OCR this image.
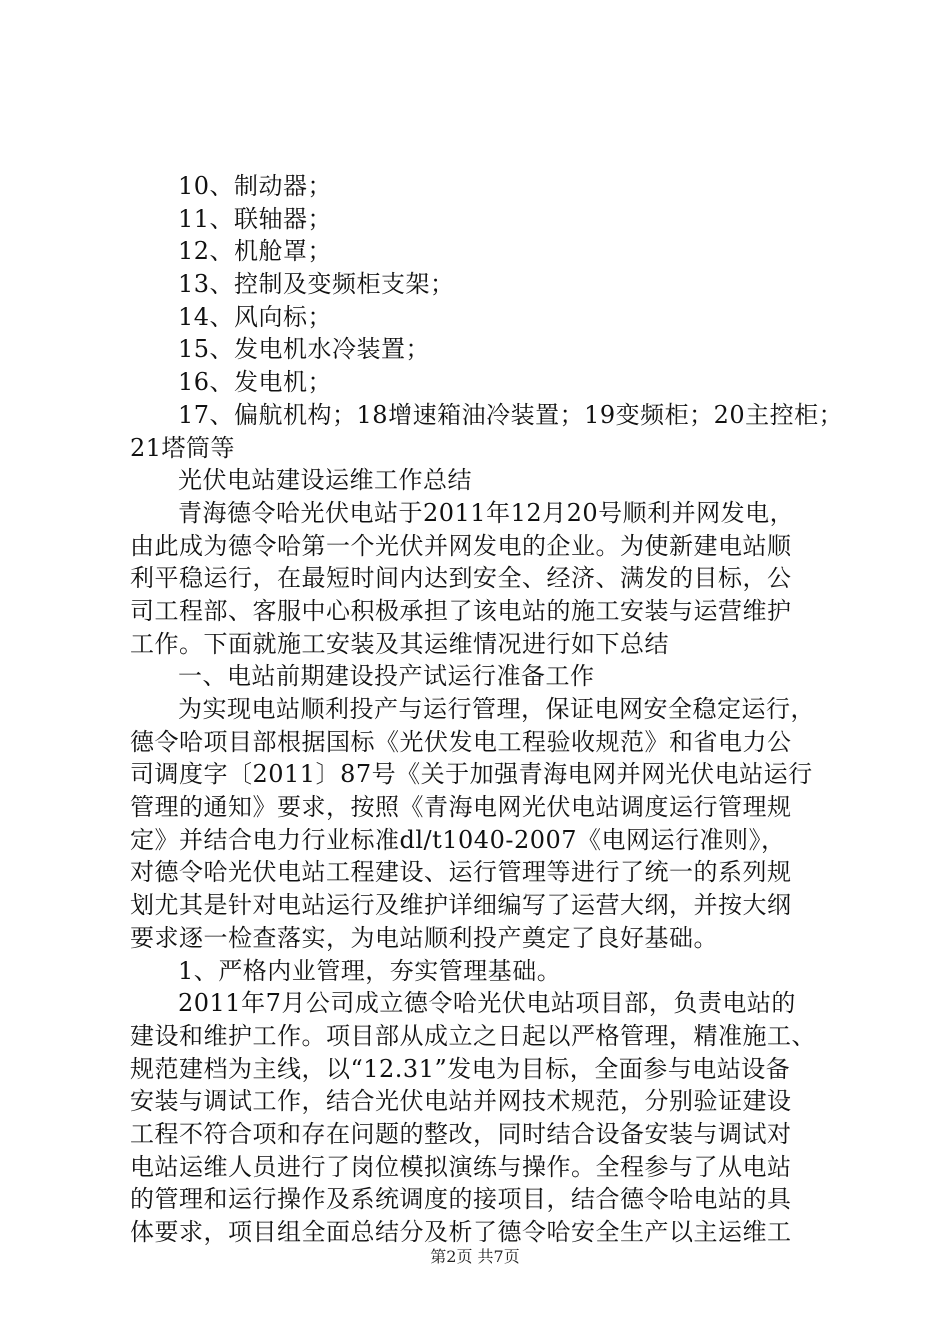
10、制动器；
11、联轴器；
12、机舱罩；
13、控制及变频柜支架；
14、风向标；
15、发电机水冷装置；
16、发电机；
17、偏航机构；18增速箱油冷装置；19变频柜；20主控柜；
21塔筒等
光伏电站建设运维工作总结
青海德令哈光伏电站于2011年12月20号顺利并网发电，
由此成为德令哈第一个光伏并网发电的企业。为使新建电站顺
利平稳运行，在最短时间内达到安全、经济、满发的目标，公
司工程部、客服中心积极承担了该电站的施工安装与运营维护
工作。下面就施工安装及其运维情况进行如下总结
一、电站前期建设投产试运行准备工作
为实现电站顺利投产与运行管理，保证电网安全稳定运行，
德令哈项目部根据国标《光伏发电工程验收规范》和省电力公
司调度字〔2011〕87号《关于加强青海电网并网光伏电站运行
管理的通知》要求，按照《青海电网光伏电站调度运行管理规
定》并结合电力行业标准dl/t1040-2007《电网运行准则》，
对德令哈光伏电站工程建设、运行管理等进行了统一的系列规
划尤其是针对电站运行及维护详细编写了运营大纲，并按大纲
要求逐一检查落实，为电站顺利投产奠定了良好基础。
1、严格内业管理，夯实管理基础。
2011年7月公司成立德令哈光伏电站项目部，负责电站的
建设和维护工作。项目部从成立之日起以严格管理，精准施工、
规范建档为主线，以“12.31”发电为目标，全面参与电站设备
安装与调试工作，结合光伏电站并网技术规范，分别验证建设
工程不符合项和存在问题的整改，同时结合设备安装与调试对
电站运维人员进行了岗位模拟演练与操作。全程参与了从电站
的管理和运行操作及系统调度的接项目，结合德令哈电站的具
体要求，项目组全面总结分及析了德令哈安全生产以主运维工
第2页 共7页
